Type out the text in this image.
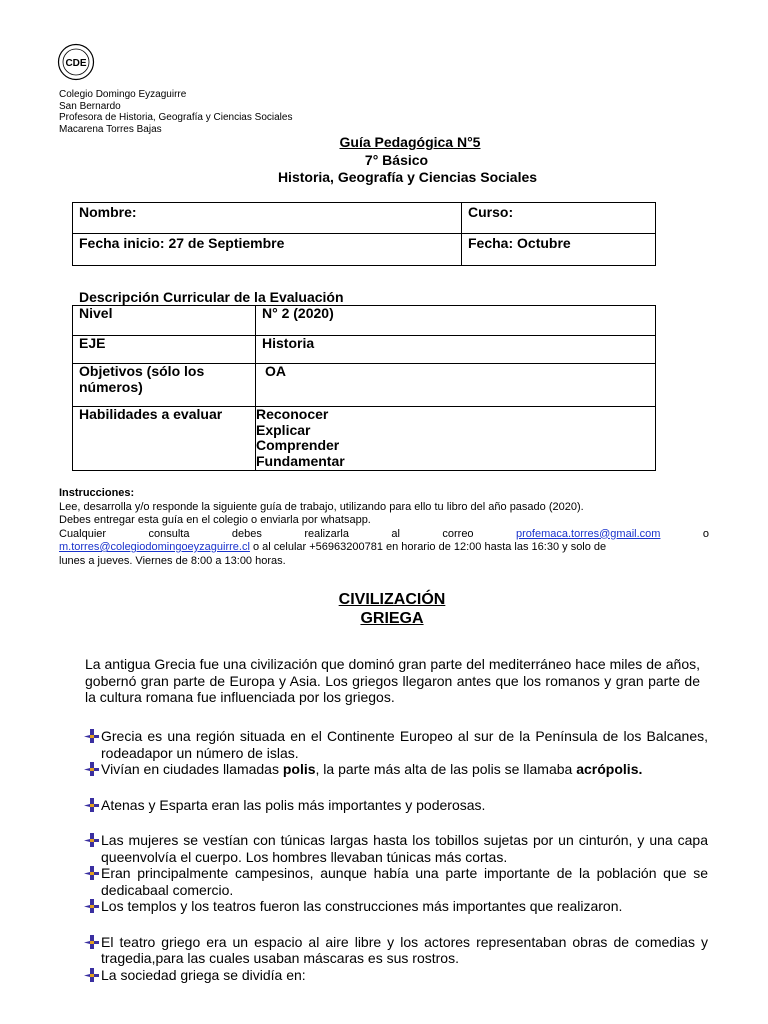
CDE
Colegio Domingo Eyzaguirre
San Bernardo
Profesora de Historia, Geografía y Ciencias Sociales
Macarena Torres Bajas
Guía Pedagógica N°5
7° Básico
Historia, Geografía y Ciencias Sociales
Nombre:	Curso:
Fecha inicio: 27 de Septiembre	Fecha: Octubre
Descripción Curricular de la Evaluación
Nivel	N° 2 (2020)
EJE	Historia
Objetivos (sólo los números)	OA
Habilidades a evaluar	Reconocer
Explicar
Comprender
Fundamentar
Instrucciones:
Lee, desarrolla y/o responde la siguiente guía de trabajo, utilizando para ello tu libro del año pasado (2020).
Debes entregar esta guía en el colegio o enviarla por whatsapp.
Cualquier consulta debes realizarla al correo	profemaca.torres@gmail.com	o
m.torres@colegiodomingoeyzaguirre.cl o al celular +56963200781 en horario de 12:00 hasta las 16:30 y solo de
lunes a jueves. Viernes de 8:00 a 13:00 horas.
CIVILIZACIÓN
GRIEGA
La antigua Grecia fue una civilización que dominó gran parte del mediterráneo hace miles de años, gobernó gran parte de Europa y Asia. Los griegos llegaron antes que los romanos y gran parte de la cultura romana fue influenciada por los griegos.
Grecia es una región situada en el Continente Europeo al sur de la Península de los Balcanes, rodeadapor un número de islas.
Vivían en ciudades llamadas polis, la parte más alta de las polis se llamaba acrópolis.
Atenas y Esparta eran las polis más importantes y poderosas.
Las mujeres se vestían con túnicas largas hasta los tobillos sujetas por un cinturón, y una capa queenvolvía el cuerpo. Los hombres llevaban túnicas más cortas.
Eran principalmente campesinos, aunque había una parte importante de la población que se dedicabaal comercio.
Los templos y los teatros fueron las construcciones más importantes que realizaron.
El teatro griego era un espacio al aire libre y los actores representaban obras de comedias y tragedia,para las cuales usaban máscaras es sus rostros.
La sociedad griega se dividía en:
